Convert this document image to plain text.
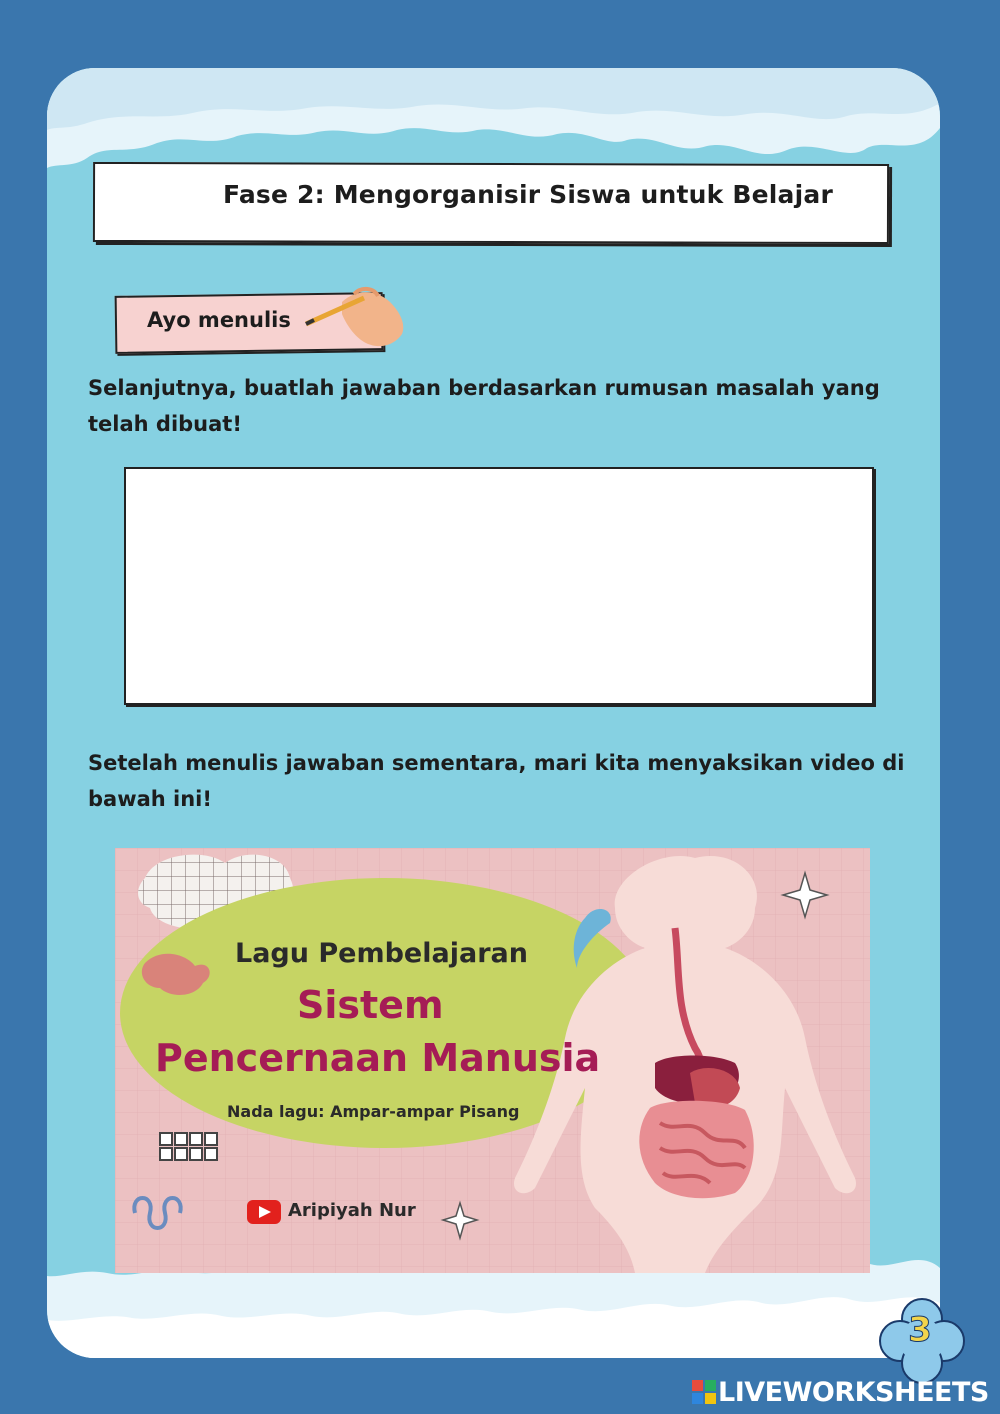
Fase 2: Mengorganisir Siswa untuk Belajar
Ayo menulis
Selanjutnya, buatlah jawaban berdasarkan rumusan masalah yang telah dibuat!
Setelah menulis jawaban sementara, mari kita menyaksikan video di bawah ini!
Lagu Pembelajaran
Sistem
Pencernaan Manusia
Nada lagu: Ampar-ampar Pisang
Aripiyah Nur
3
LIVEWORKSHEETS
